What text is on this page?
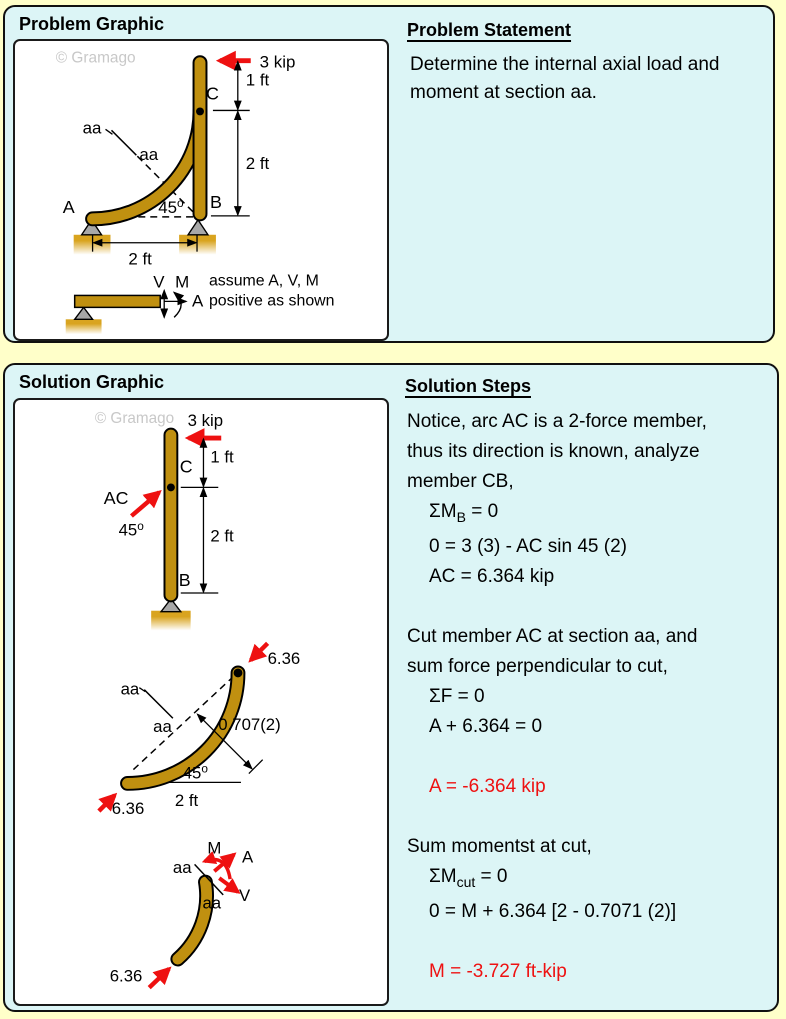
Problem Graphic
© Gramago
aa
aa
3 kip
1 ft
2 ft
2 ft
45$^o$
A	B
C
V M
A
assume A, V, M
positive as shown
Problem Statement
Determine the internal axial load and
moment at section aa.
Solution Graphic
© Gramago 3 kip
1 ft
2 ft
AC
45$^o$
C
B
6.36
6.36
aa
aa	0.707(2)
45$^o$
2 ft
aa
aa
M A
V
6.36
Solution Steps
Notice, arc AC is a 2-force member,
thus its direction is known, analyze
member CB,
$\Sigma M_B = 0$
0 = 3 (3) - AC sin 45 (2)
AC = 6.364 kip
Cut member AC at section aa, and
sum force perpendicular to cut,
ΣF = 0
A + 6.364 = 0
A = -6.364 kip
Sum momentst at cut,
$\Sigma M_{cut} = 0$
0 = M + 6.364 [2 - 0.7071 (2)]
M = -3.727 ft-kip
